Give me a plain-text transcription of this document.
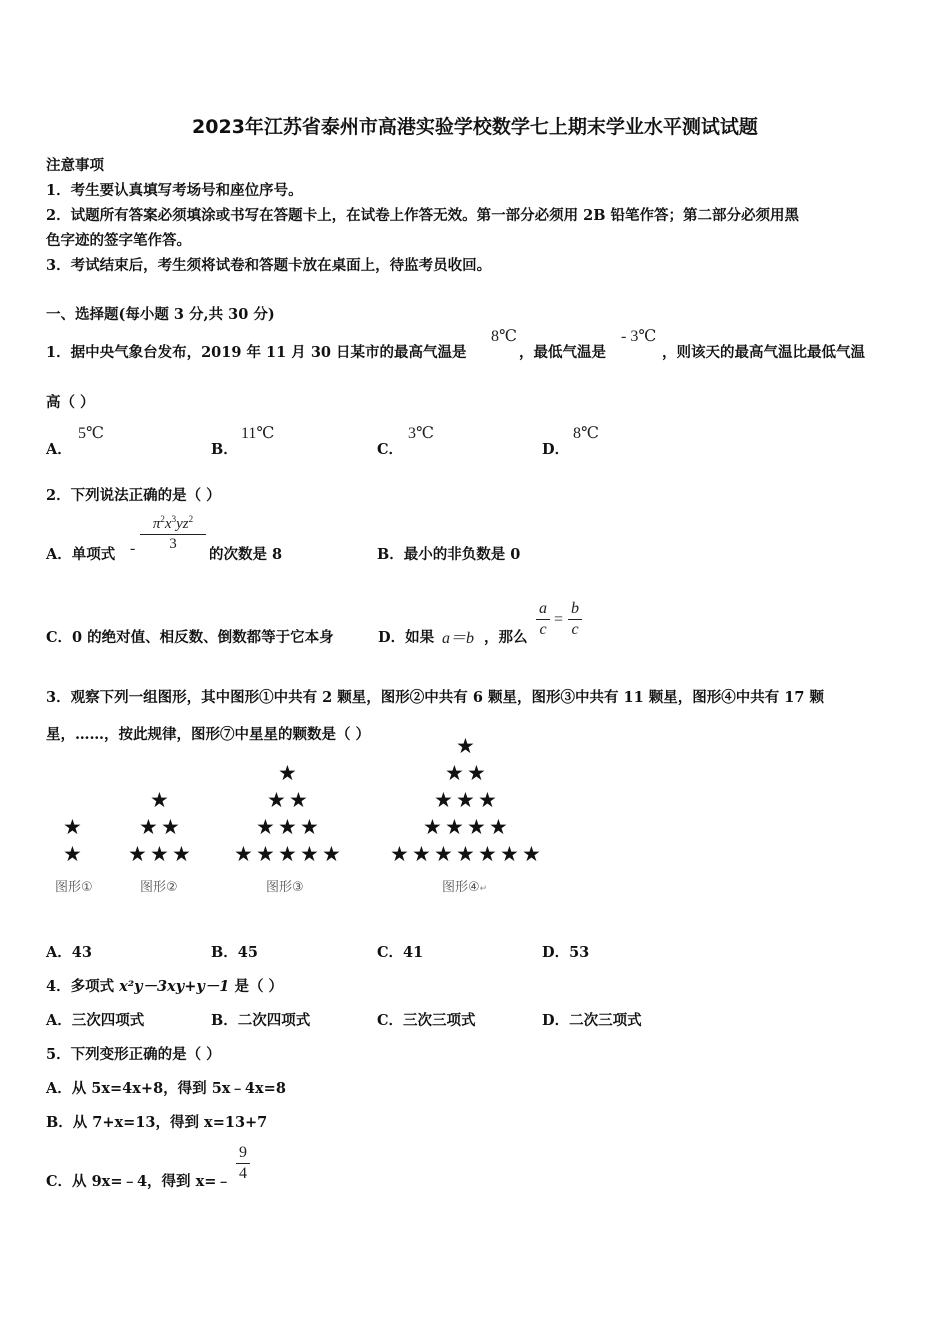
2023年江苏省泰州市高港实验学校数学七上期末学业水平测试试题
注意事项
1．考生要认真填写考场号和座位序号。
2．试题所有答案必须填涂或书写在答题卡上，在试卷上作答无效。第一部分必须用 2B 铅笔作答；第二部分必须用黑
色字迹的签字笔作答。
3．考试结束后，考生须将试卷和答题卡放在桌面上，待监考员收回。
一、选择题(每小题 3 分,共 30 分)
1．据中央气象台发布，2019 年 11 月 30 日某市的最高气温是
8℃
，最低气温是
- 3℃
，则该天的最高气温比最低气温
高（ ）
A．
5℃
B．
11℃
C．
3℃
D．
8℃
2．下列说法正确的是（ ）
A．单项式 -
$\pi^2x^3yz^2$
3
的次数是 8	B．最小的非负数是 0
C．0 的绝对值、相反数、倒数都等于它本身	D．如果 a＝b ，那么
a
c
=
b
c
3．观察下列一组图形，其中图形①中共有 2 颗星，图形②中共有 6 颗星，图形③中共有 11 颗星，图形④中共有 17 颗
星，……，按此规律，图形⑦中星星的颗数是（ ）
★
★
★
★ ★
★ ★ ★
★
★ ★
★ ★ ★
★ ★ ★ ★ ★
★
★ ★
★ ★ ★
★ ★ ★ ★
★ ★ ★ ★ ★ ★ ★
图形①	图形②	图形③	图形④↵
A．43	B．45	C．41	D．53
4．多项式 x²y－3xy+y－1 是（ ）
A．三次四项式	B．二次四项式	C．三次三项式	D．二次三项式
5．下列变形正确的是（ ）
A．从 5x=4x+8，得到 5x﹣4x=8
B．从 7+x=13，得到 x=13+7
C．从 9x=﹣4，得到 x=﹣
9
4
